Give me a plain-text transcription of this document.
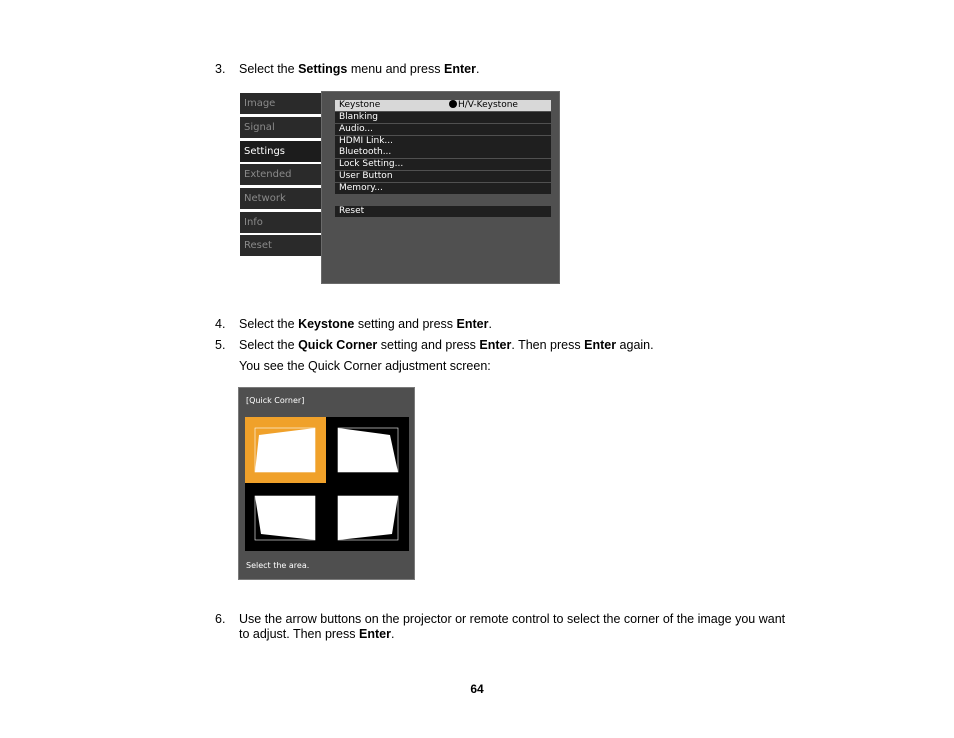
3.	Select the Settings menu and press Enter.
Image
Signal
Settings
Extended
Network
Info
Reset
Keystone	H/V-Keystone
Blanking
Audio...
HDMI Link...
Bluetooth...
Lock Setting...
User Button
Memory...
Reset
4.	Select the Keystone setting and press Enter.
5.	Select the Quick Corner setting and press Enter. Then press Enter again.
You see the Quick Corner adjustment screen:
[Quick Corner]
Select the area.
6.	Use the arrow buttons on the projector or remote control to select the corner of the image you want
to adjust. Then press Enter.
64
